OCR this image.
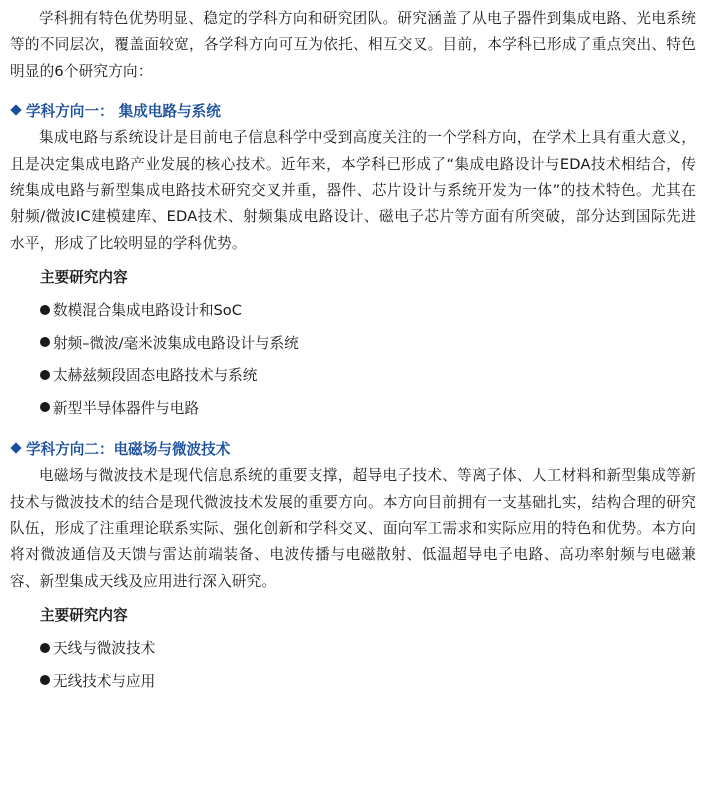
学科拥有特色优势明显、稳定的学科方向和研究团队。研究涵盖了从电子器件到集成电路、光电系统等的不同层次，覆盖面较宽，各学科方向可互为依托、相互交叉。目前，本学科已形成了重点突出、特色明显的6个研究方向：

学科方向一： 集成电路与系统

集成电路与系统设计是目前电子信息科学中受到高度关注的一个学科方向，在学术上具有重大意义，且是决定集成电路产业发展的核心技术。近年来，本学科已形成了“集成电路设计与EDA技术相结合，传统集成电路与新型集成电路技术研究交叉并重，器件、芯片设计与系统开发为一体”的技术特色。尤其在射频/微波IC建模建库、EDA技术、射频集成电路设计、磁电子芯片等方面有所突破，部分达到国际先进水平，形成了比较明显的学科优势。

主要研究内容
数模混合集成电路设计和SoC
射频–微波/毫米波集成电路设计与系统
太赫兹频段固态电路技术与系统
新型半导体器件与电路
学科方向二：电磁场与微波技术

电磁场与微波技术是现代信息系统的重要支撑，超导电子技术、等离子体、人工材料和新型集成等新技术与微波技术的结合是现代微波技术发展的重要方向。本方向目前拥有一支基础扎实，结构合理的研究队伍，形成了注重理论联系实际、强化创新和学科交叉、面向军工需求和实际应用的特色和优势。本方向将对微波通信及天馈与雷达前端装备、电波传播与电磁散射、低温超导电子电路、高功率射频与电磁兼容、新型集成天线及应用进行深入研究。

主要研究内容
天线与微波技术
无线技术与应用
